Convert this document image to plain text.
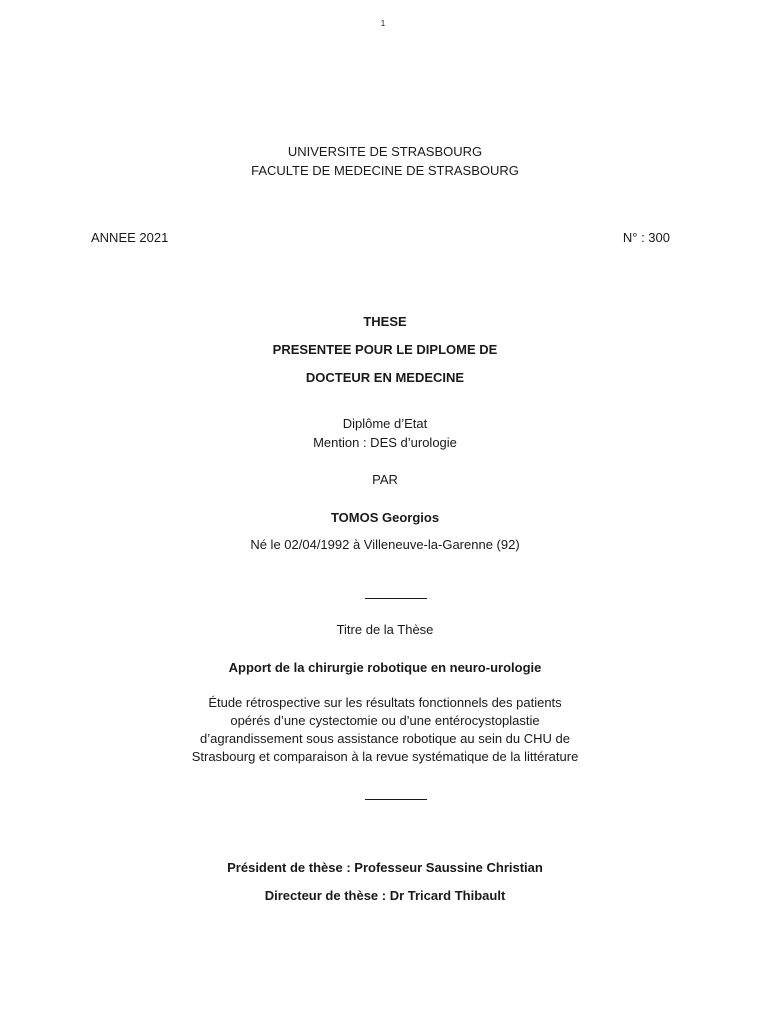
1
UNIVERSITE DE STRASBOURG
FACULTE DE MEDECINE DE STRASBOURG
ANNEE 2021	N° : 300
THESE
PRESENTEE POUR LE DIPLOME DE
DOCTEUR EN MEDECINE
Diplôme d’Etat
Mention : DES d’urologie
PAR
TOMOS Georgios
Né le 02/04/1992 à Villeneuve-la-Garenne (92)
Titre de la Thèse
Apport de la chirurgie robotique en neuro-urologie
Étude rétrospective sur les résultats fonctionnels des patients
opérés d’une cystectomie ou d’une entérocystoplastie
d’agrandissement sous assistance robotique au sein du CHU de
Strasbourg et comparaison à la revue systématique de la littérature
Président de thèse : Professeur Saussine Christian
Directeur de thèse : Dr Tricard Thibault
